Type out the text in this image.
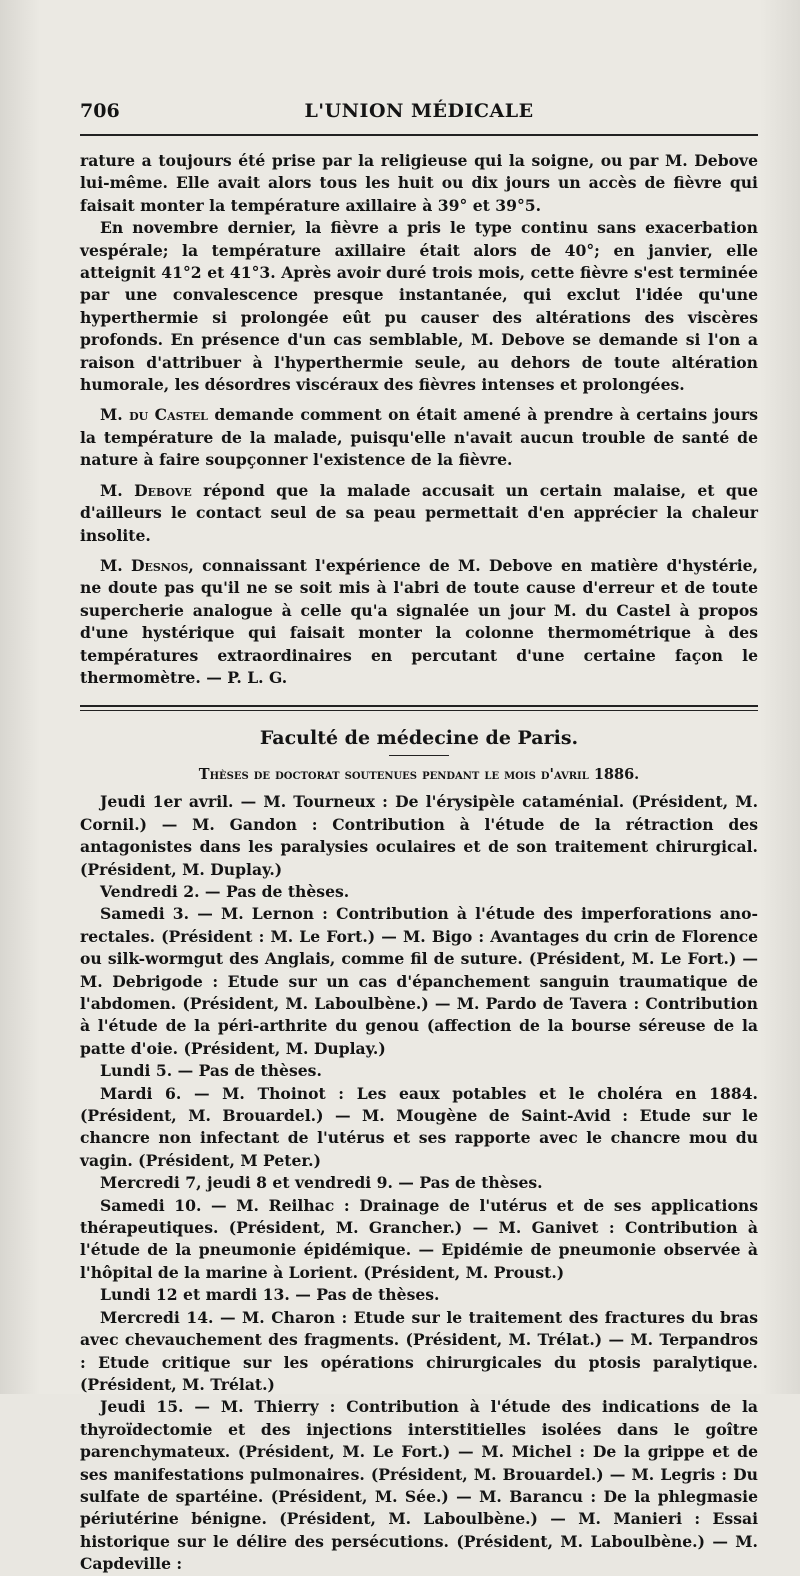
706	L'UNION MÉDICALE

rature a toujours été prise par la religieuse qui la soigne, ou par M. Debove lui-même. Elle avait alors tous les huit ou dix jours un accès de fièvre qui faisait monter la température axillaire à 39° et 39°5.

En novembre dernier, la fièvre a pris le type continu sans exacerbation vespérale; la température axillaire était alors de 40°; en janvier, elle atteignit 41°2 et 41°3. Après avoir duré trois mois, cette fièvre s'est terminée par une convalescence presque instantanée, qui exclut l'idée qu'une hyperthermie si prolongée eût pu causer des altérations des viscères profonds. En présence d'un cas semblable, M. Debove se demande si l'on a raison d'attribuer à l'hyperthermie seule, au dehors de toute altération humorale, les désordres viscéraux des fièvres intenses et prolongées.

M. du Castel demande comment on était amené à prendre à certains jours la température de la malade, puisqu'elle n'avait aucun trouble de santé de nature à faire soupçonner l'existence de la fièvre.

M. Debove répond que la malade accusait un certain malaise, et que d'ailleurs le contact seul de sa peau permettait d'en apprécier la chaleur insolite.

M. Desnos, connaissant l'expérience de M. Debove en matière d'hystérie, ne doute pas qu'il ne se soit mis à l'abri de toute cause d'erreur et de toute supercherie analogue à celle qu'a signalée un jour M. du Castel à propos d'une hystérique qui faisait monter la colonne thermométrique à des températures extraordinaires en percutant d'une certaine façon le thermomètre. — P. L. G.

Faculté de médecine de Paris.
Thèses de doctorat soutenues pendant le mois d'avril 1886.

Jeudi 1er avril. — M. Tourneux : De l'érysipèle cataménial. (Président, M. Cornil.) — M. Gandon : Contribution à l'étude de la rétraction des antagonistes dans les paralysies oculaires et de son traitement chirurgical. (Président, M. Duplay.)

Vendredi 2. — Pas de thèses.

Samedi 3. — M. Lernon : Contribution à l'étude des imperforations ano-rectales. (Président : M. Le Fort.) — M. Bigo : Avantages du crin de Florence ou silk-wormgut des Anglais, comme fil de suture. (Président, M. Le Fort.) — M. Debrigode : Etude sur un cas d'épanchement sanguin traumatique de l'abdomen. (Président, M. Laboulbène.) — M. Pardo de Tavera : Contribution à l'étude de la péri-arthrite du genou (affection de la bourse séreuse de la patte d'oie. (Président, M. Duplay.)

Lundi 5. — Pas de thèses.

Mardi 6. — M. Thoinot : Les eaux potables et le choléra en 1884. (Président, M. Brouardel.) — M. Mougène de Saint-Avid : Etude sur le chancre non infectant de l'utérus et ses rapporte avec le chancre mou du vagin. (Président, M Peter.)

Mercredi 7, jeudi 8 et vendredi 9. — Pas de thèses.

Samedi 10. — M. Reilhac : Drainage de l'utérus et de ses applications thérapeutiques. (Président, M. Grancher.) — M. Ganivet : Contribution à l'étude de la pneumonie épidémique. — Epidémie de pneumonie observée à l'hôpital de la marine à Lorient. (Président, M. Proust.)

Lundi 12 et mardi 13. — Pas de thèses.

Mercredi 14. — M. Charon : Etude sur le traitement des fractures du bras avec chevauchement des fragments. (Président, M. Trélat.) — M. Terpandros : Etude critique sur les opérations chirurgicales du ptosis paralytique. (Président, M. Trélat.)

Jeudi 15. — M. Thierry : Contribution à l'étude des indications de la thyroïdectomie et des injections interstitielles isolées dans le goître parenchymateux. (Président, M. Le Fort.) — M. Michel : De la grippe et de ses manifestations pulmonaires. (Président, M. Brouardel.) — M. Legris : Du sulfate de spartéine. (Président, M. Sée.) — M. Barancu : De la phlegmasie périutérine bénigne. (Président, M. Laboulbène.) — M. Manieri : Essai historique sur le délire des persécutions. (Président, M. Laboulbène.) — M. Capdeville :
